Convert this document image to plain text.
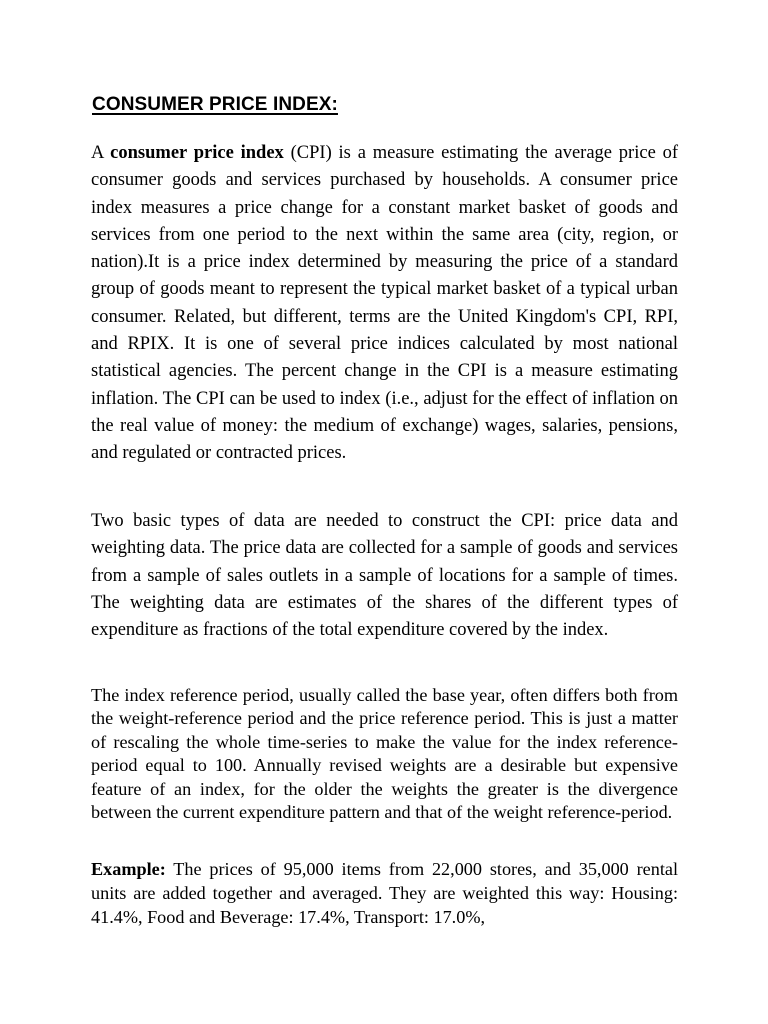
CONSUMER PRICE INDEX:

A consumer price index (CPI) is a measure estimating the average price of consumer goods and services purchased by households. A consumer price index measures a price change for a constant market basket of goods and services from one period to the next within the same area (city, region, or nation).It is a price index determined by measuring the price of a standard group of goods meant to represent the typical market basket of a typical urban consumer. Related, but different, terms are the United Kingdom's CPI, RPI, and RPIX. It is one of several price indices calculated by most national statistical agencies. The percent change in the CPI is a measure estimating inflation. The CPI can be used to index (i.e., adjust for the effect of inflation on the real value of money: the medium of exchange) wages, salaries, pensions, and regulated or contracted prices.

Two basic types of data are needed to construct the CPI: price data and weighting data. The price data are collected for a sample of goods and services from a sample of sales outlets in a sample of locations for a sample of times. The weighting data are estimates of the shares of the different types of expenditure as fractions of the total expenditure covered by the index.

The index reference period, usually called the base year, often differs both from the weight-reference period and the price reference period. This is just a matter of rescaling the whole time-series to make the value for the index reference-period equal to 100. Annually revised weights are a desirable but expensive feature of an index, for the older the weights the greater is the divergence between the current expenditure pattern and that of the weight reference-period.

Example: The prices of 95,000 items from 22,000 stores, and 35,000 rental units are added together and averaged. They are weighted this way: Housing: 41.4%, Food and Beverage: 17.4%, Transport: 17.0%,
